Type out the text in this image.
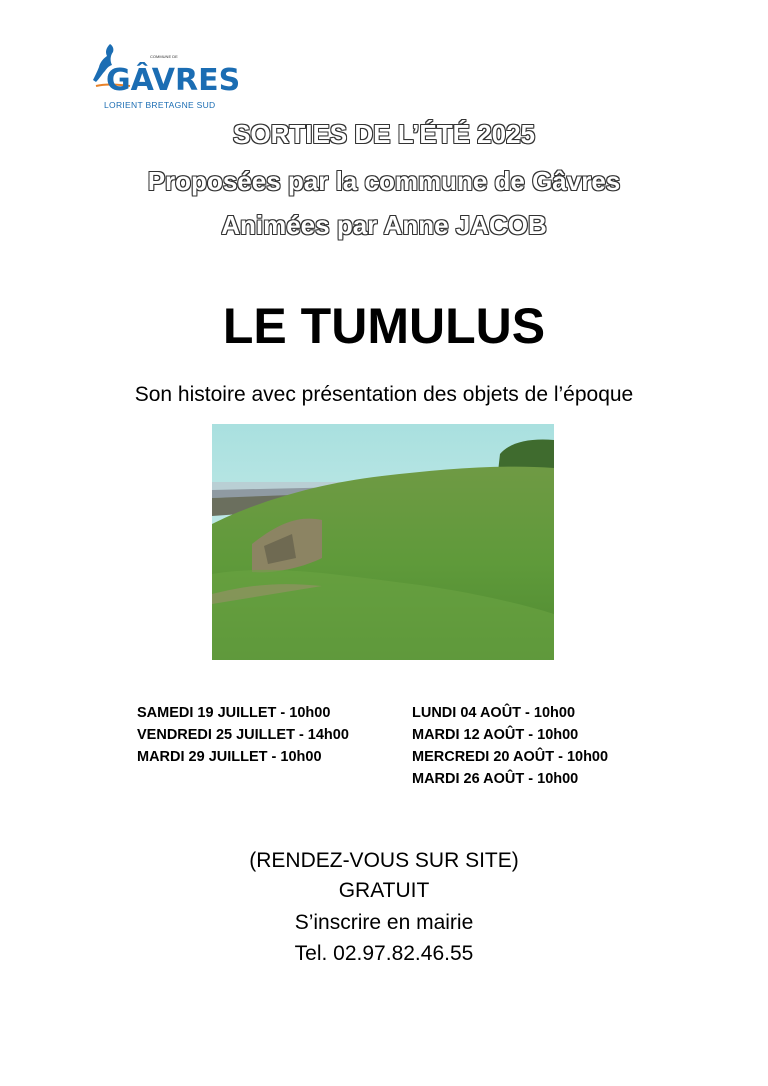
COMMUNE DE
GÂVRES
LORIENT BRETAGNE SUD
SORTIES DE L’ÉTÉ 2025
Proposées par la commune de Gâvres
Animées par Anne JACOB
LE TUMULUS
Son histoire avec présentation des objets de l’époque
SAMEDI 19 JUILLET - 10h00
VENDREDI 25 JUILLET - 14h00
MARDI 29 JUILLET - 10h00
LUNDI 04 AOÛT - 10h00
MARDI 12 AOÛT - 10h00
MERCREDI 20 AOÛT - 10h00
MARDI 26 AOÛT - 10h00
(RENDEZ-VOUS SUR SITE)
GRATUIT
S’inscrire en mairie
Tel. 02.97.82.46.55
